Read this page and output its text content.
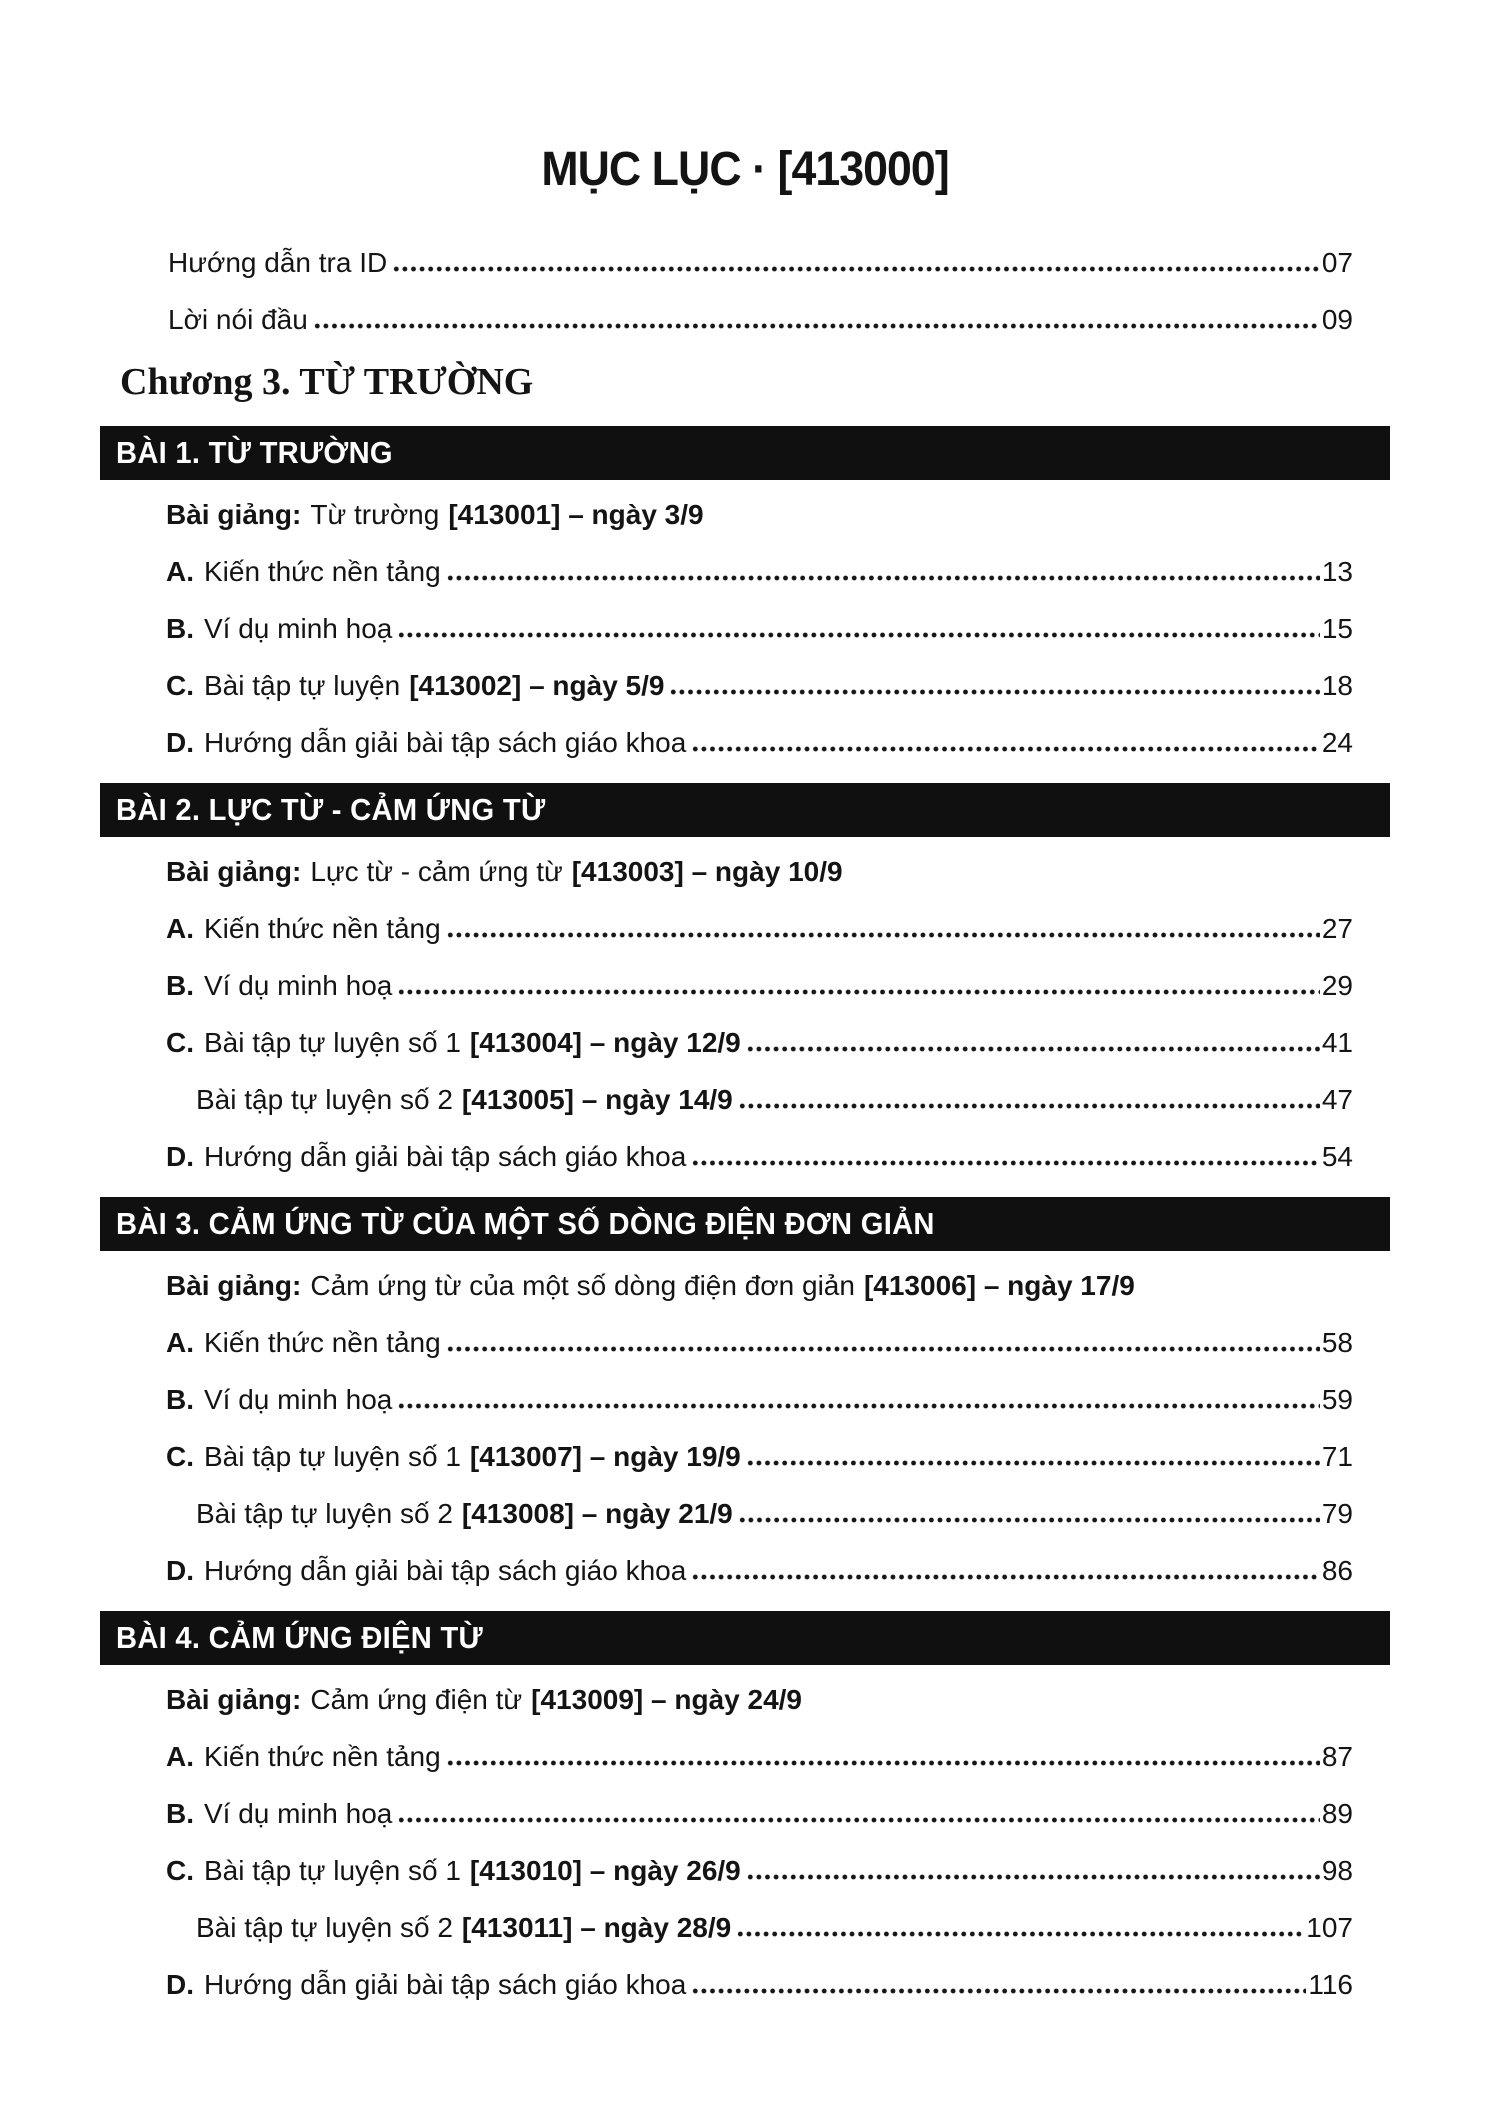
MỤC LỤC · [413000]
Hướng dẫn tra ID	07
Lời nói đầu	09
Chương 3. TỪ TRƯỜNG
BÀI 1. TỪ TRƯỜNG
Bài giảng: Từ trường [413001] – ngày 3/9
A. Kiến thức nền tảng	13
B. Ví dụ minh hoạ	15
C. Bài tập tự luyện [413002] – ngày 5/9	18
D. Hướng dẫn giải bài tập sách giáo khoa	24
BÀI 2. LỰC TỪ - CẢM ỨNG TỪ
Bài giảng: Lực từ - cảm ứng từ [413003] – ngày 10/9
A. Kiến thức nền tảng	27
B. Ví dụ minh hoạ	29
C. Bài tập tự luyện số 1 [413004] – ngày 12/9	41
Bài tập tự luyện số 2 [413005] – ngày 14/9	47
D. Hướng dẫn giải bài tập sách giáo khoa	54
BÀI 3. CẢM ỨNG TỪ CỦA MỘT SỐ DÒNG ĐIỆN ĐƠN GIẢN
Bài giảng: Cảm ứng từ của một số dòng điện đơn giản [413006] – ngày 17/9
A. Kiến thức nền tảng	58
B. Ví dụ minh hoạ	59
C. Bài tập tự luyện số 1 [413007] – ngày 19/9	71
Bài tập tự luyện số 2 [413008] – ngày 21/9	79
D. Hướng dẫn giải bài tập sách giáo khoa	86
BÀI 4. CẢM ỨNG ĐIỆN TỪ
Bài giảng: Cảm ứng điện từ [413009] – ngày 24/9
A. Kiến thức nền tảng	87
B. Ví dụ minh hoạ	89
C. Bài tập tự luyện số 1 [413010] – ngày 26/9	98
Bài tập tự luyện số 2 [413011] – ngày 28/9	107
D. Hướng dẫn giải bài tập sách giáo khoa	116
